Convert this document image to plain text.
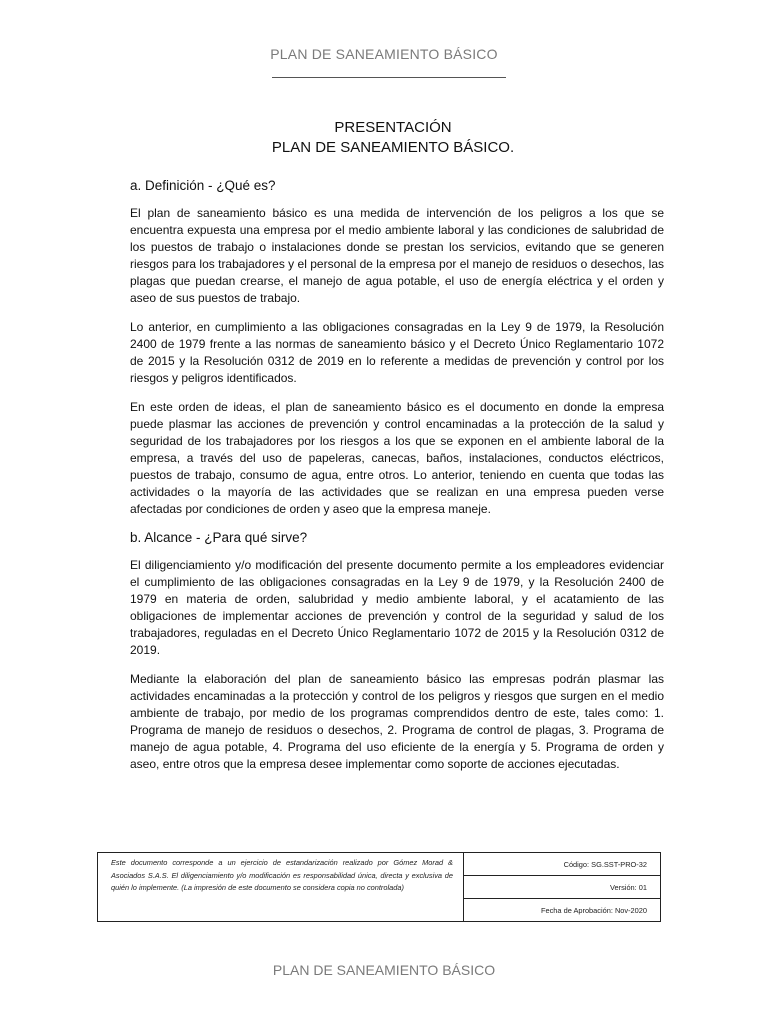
PLAN DE SANEAMIENTO BÁSICO
PRESENTACIÓN
PLAN DE SANEAMIENTO BÁSICO.
a. Definición - ¿Qué es?

El plan de saneamiento básico es una medida de intervención de los peligros a los que se encuentra expuesta una empresa por el medio ambiente laboral y las condiciones de salubridad de los puestos de trabajo o instalaciones donde se prestan los servicios, evitando que se generen riesgos para los trabajadores y el personal de la empresa por el manejo de residuos o desechos, las plagas que puedan crearse, el manejo de agua potable, el uso de energía eléctrica y el orden y aseo de sus puestos de trabajo.

Lo anterior, en cumplimiento a las obligaciones consagradas en la Ley 9 de 1979, la Resolución 2400 de 1979 frente a las normas de saneamiento básico y el Decreto Único Reglamentario 1072 de 2015 y la Resolución 0312 de 2019 en lo referente a medidas de prevención y control por los riesgos y peligros identificados.

En este orden de ideas, el plan de saneamiento básico es el documento en donde la empresa puede plasmar las acciones de prevención y control encaminadas a la protección de la salud y seguridad de los trabajadores por los riesgos a los que se exponen en el ambiente laboral de la empresa, a través del uso de papeleras, canecas, baños, instalaciones, conductos eléctricos, puestos de trabajo, consumo de agua, entre otros. Lo anterior, teniendo en cuenta que todas las actividades o la mayoría de las actividades que se realizan en una empresa pueden verse afectadas por condiciones de orden y aseo que la empresa maneje.

b. Alcance - ¿Para qué sirve?

El diligenciamiento y/o modificación del presente documento permite a los empleadores evidenciar el cumplimiento de las obligaciones consagradas en la Ley 9 de 1979, y la Resolución 2400 de 1979 en materia de orden, salubridad y medio ambiente laboral, y el acatamiento de las obligaciones de implementar acciones de prevención y control de la seguridad y salud de los trabajadores, reguladas en el Decreto Único Reglamentario 1072 de 2015 y la Resolución 0312 de 2019.

Mediante la elaboración del plan de saneamiento básico las empresas podrán plasmar las actividades encaminadas a la protección y control de los peligros y riesgos que surgen en el medio ambiente de trabajo, por medio de los programas comprendidos dentro de este, tales como: 1. Programa de manejo de residuos o desechos, 2. Programa de control de plagas, 3. Programa de manejo de agua potable, 4. Programa del uso eficiente de la energía y 5. Programa de orden y aseo, entre otros que la empresa desee implementar como soporte de acciones ejecutadas.

Este documento corresponde a un ejercicio de estandarización realizado por Gómez Morad & Asociados S.A.S. El diligenciamiento y/o modificación es responsabilidad única, directa y exclusiva de quién lo implemente. (La impresión de este documento se considera copia no controlada)
Código: SG.SST-PRO-32
Versión: 01
Fecha de Aprobación: Nov-2020
PLAN DE SANEAMIENTO BÁSICO
